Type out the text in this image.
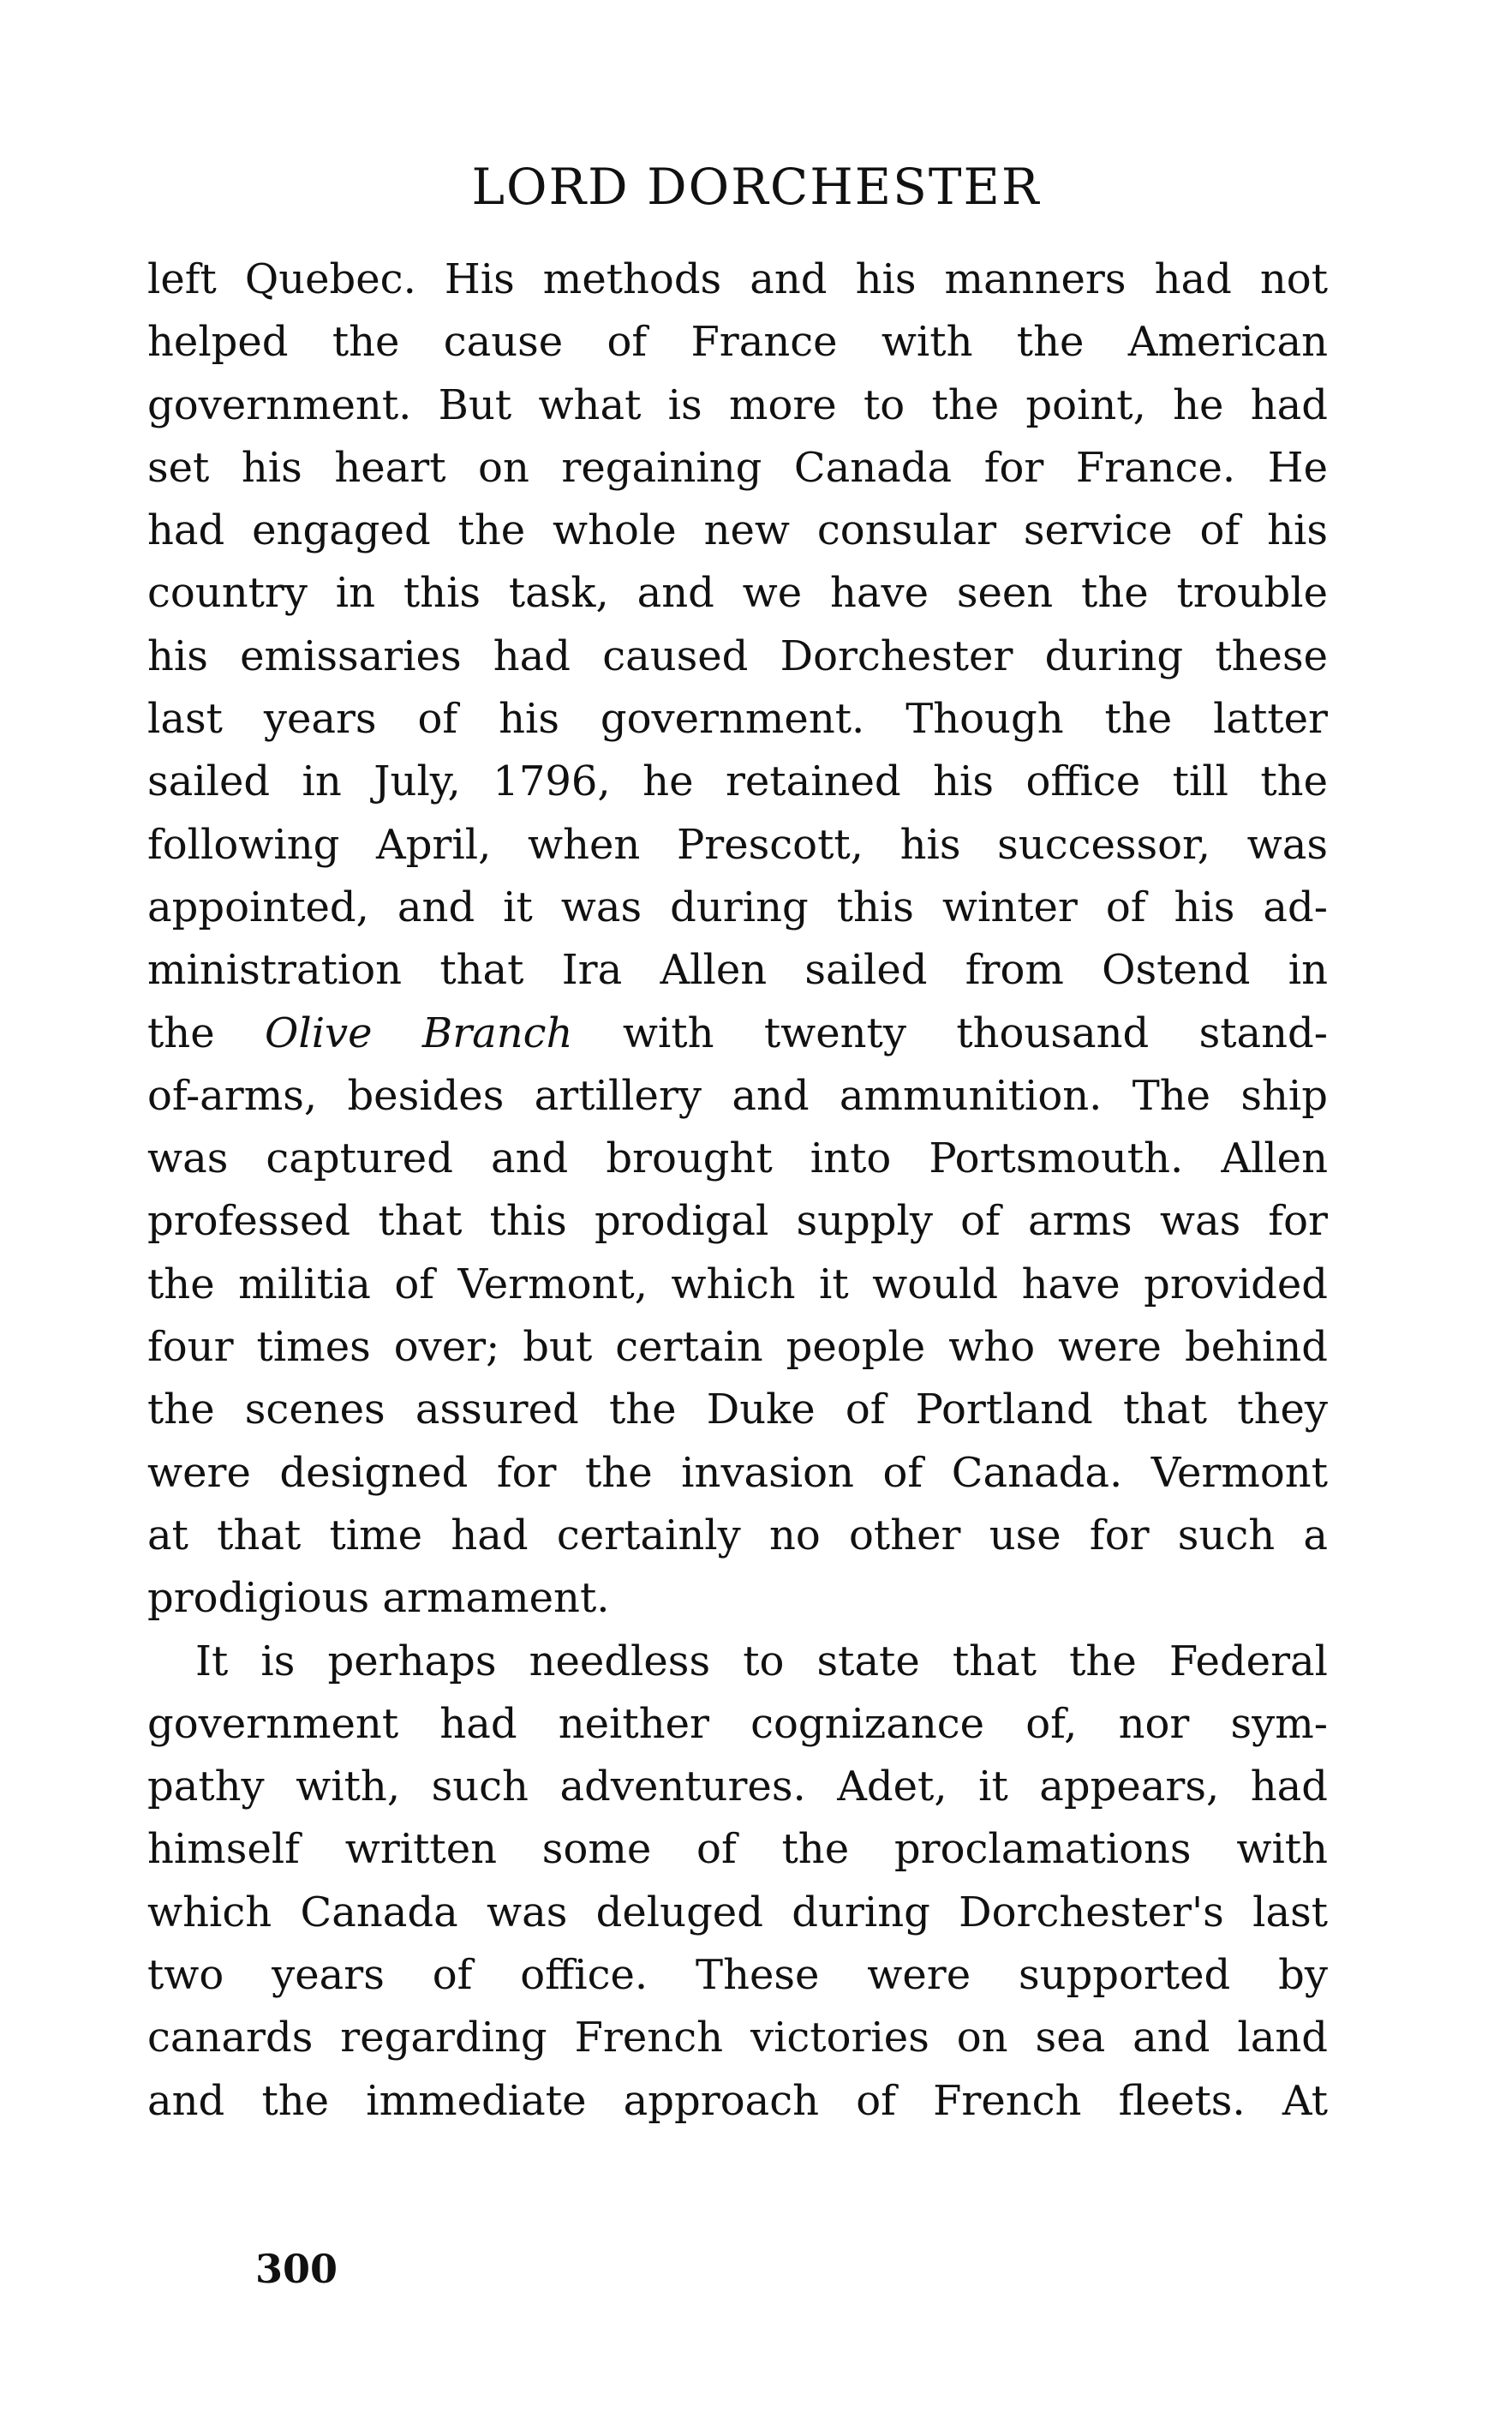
LORD DORCHESTER
left Quebec. His methods and his manners had not
helped the cause of France with the American
government. But what is more to the point, he had
set his heart on regaining Canada for France. He
had engaged the whole new consular service of his
country in this task, and we have seen the trouble
his emissaries had caused Dorchester during these
last years of his government. Though the latter
sailed in July, 1796, he retained his office till the
following April, when Prescott, his successor, was
appointed, and it was during this winter of his ad-
ministration that Ira Allen sailed from Ostend in
the Olive Branch with twenty thousand stand-
of-arms, besides artillery and ammunition. The ship
was captured and brought into Portsmouth. Allen
professed that this prodigal supply of arms was for
the militia of Vermont, which it would have provided
four times over; but certain people who were behind
the scenes assured the Duke of Portland that they
were designed for the invasion of Canada. Vermont
at that time had certainly no other use for such a
prodigious armament.
It is perhaps needless to state that the Federal
government had neither cognizance of, nor sym-
pathy with, such adventures. Adet, it appears, had
himself written some of the proclamations with
which Canada was deluged during Dorchester's last
two years of office. These were supported by
canards regarding French victories on sea and land
and the immediate approach of French fleets. At
300
